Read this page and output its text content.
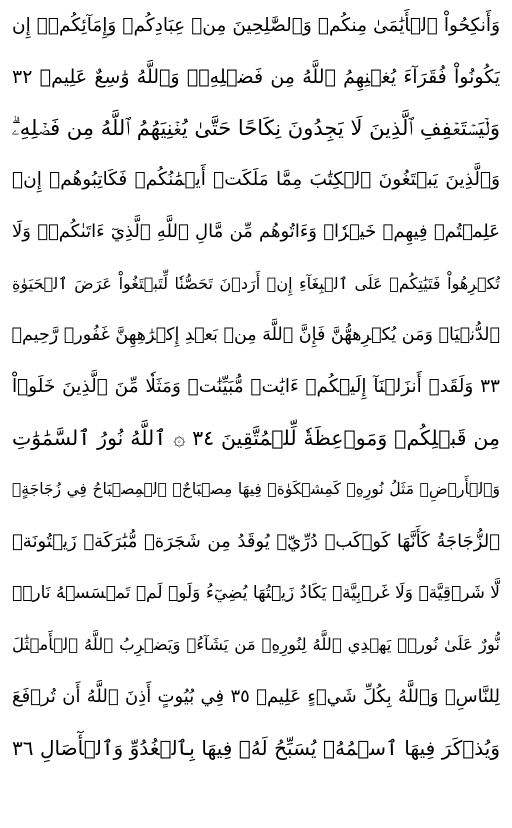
وَأَنكِحُواْ ٱلۡأَيَٰمَىٰ مِنكُمۡ وَٱلصَّٰلِحِينَ مِنۡ عِبَادِكُمۡ وَإِمَآئِكُمۡۚ إِن
يَكُونُواْ فُقَرَآءَ يُغۡنِهِمُ ٱللَّهُ مِن فَضۡلِهِۦۗ وَٱللَّهُ وَٰسِعٌ عَلِيمٞ ٣٢
وَلۡيَسۡتَعۡفِفِ ٱلَّذِينَ لَا يَجِدُونَ نِكَاحًا حَتَّىٰ يُغۡنِيَهُمُ ٱللَّهُ مِن فَضۡلِهِۦۗ
وَٱلَّذِينَ يَبۡتَغُونَ ٱلۡكِتَٰبَ مِمَّا مَلَكَتۡ أَيۡمَٰنُكُمۡ فَكَاتِبُوهُمۡ إِنۡ
عَلِمۡتُمۡ فِيهِمۡ خَيۡرٗاۖ وَءَاتُوهُم مِّن مَّالِ ٱللَّهِ ٱلَّذِيٓ ءَاتَىٰكُمۡۚ وَلَا
تُكۡرِهُواْ فَتَيَٰتِكُمۡ عَلَى ٱلۡبِغَآءِ إِنۡ أَرَدۡنَ تَحَصُّنٗا لِّتَبۡتَغُواْ عَرَضَ ٱلۡحَيَوٰةِ
ٱلدُّنۡيَاۚ وَمَن يُكۡرِههُّنَّ فَإِنَّ ٱللَّهَ مِنۢ بَعۡدِ إِكۡرَٰهِهِنَّ غَفُورٞ رَّحِيمٞ
٣٣ وَلَقَدۡ أَنزَلۡنَآ إِلَيۡكُمۡ ءَايَٰتٖ مُّبَيِّنَٰتٖ وَمَثَلٗا مِّنَ ٱلَّذِينَ خَلَوۡاْ
مِن قَبۡلِكُمۡ وَمَوۡعِظَةٗ لِّلۡمُتَّقِينَ ٣٤ ۞ ٱللَّهُ نُورُ ٱلسَّمَٰوَٰتِ
وَٱلۡأَرۡضِۚ مَثَلُ نُورِهِۦ كَمِشۡكَوٰةٖ فِيهَا مِصۡبَاحٌۖ ٱلۡمِصۡبَاحُ فِي زُجَاجَةٍۖ
ٱلزُّجَاجَةُ كَأَنَّهَا كَوۡكَبٞ دُرِّيّٞ يُوقَدُ مِن شَجَرَةٖ مُّبَٰرَكَةٖ زَيۡتُونَةٖ
لَّا شَرۡقِيَّةٖ وَلَا غَرۡبِيَّةٖ يَكَادُ زَيۡتُهَا يُضِيٓءُ وَلَوۡ لَمۡ تَمۡسَسۡهُ نَارٞۚ
نُّورٌ عَلَىٰ نُورٖۚ يَهۡدِي ٱللَّهُ لِنُورِهِۦ مَن يَشَآءُۚ وَيَضۡرِبُ ٱللَّهُ ٱلۡأَمۡثَٰلَ
لِلنَّاسِۗ وَٱللَّهُ بِكُلِّ شَيۡءٍ عَلِيمٞ ٣٥ فِي بُيُوتٍ أَذِنَ ٱللَّهُ أَن تُرۡفَعَ
وَيُذۡكَرَ فِيهَا ٱسۡمُهُۥ يُسَبِّحُ لَهُۥ فِيهَا بِٱلۡغُدُوِّ وَٱلۡأٓصَالِ ٣٦
